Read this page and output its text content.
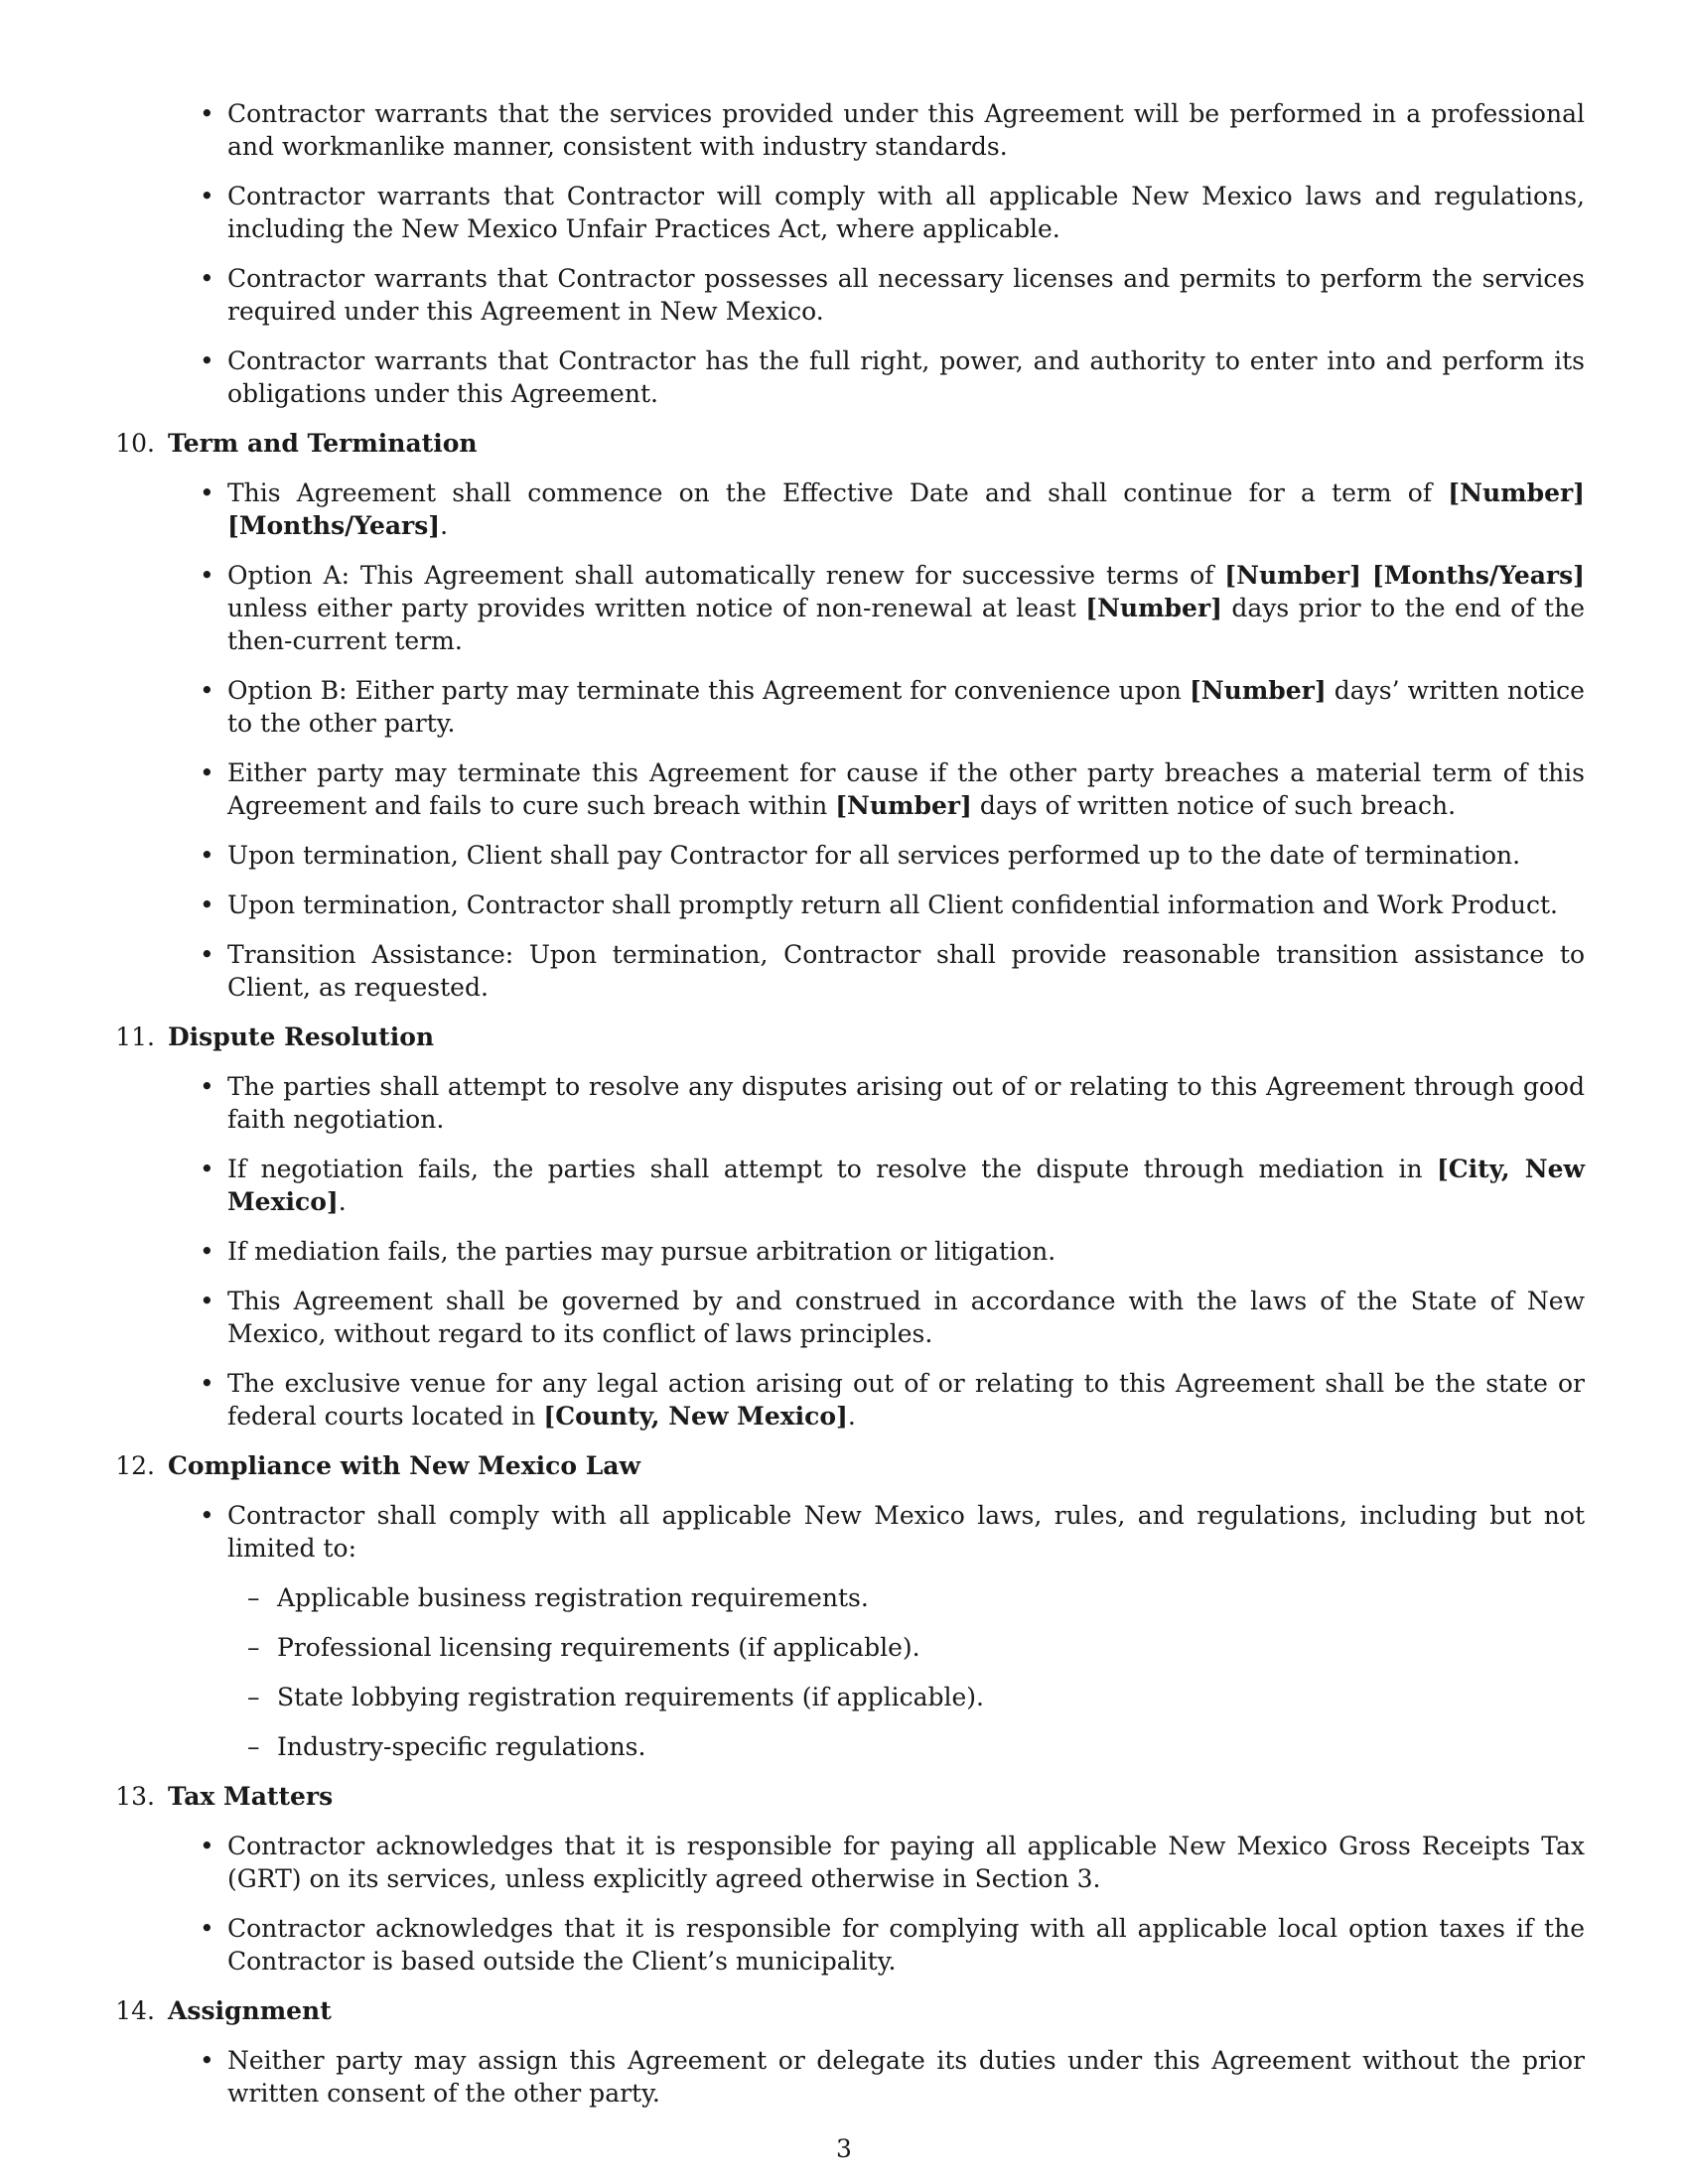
• Contractor warrants that the services provided under this Agreement will be performed in a professional and workmanlike manner, consistent with industry standards.
• Contractor warrants that Contractor will comply with all applicable New Mexico laws and regulations, including the New Mexico Unfair Practices Act, where applicable.
• Contractor warrants that Contractor possesses all necessary licenses and permits to perform the services required under this Agreement in New Mexico.
• Contractor warrants that Contractor has the full right, power, and authority to enter into and perform its obligations under this Agreement.
10. Term and Termination
• This Agreement shall commence on the Effective Date and shall continue for a term of [Number] [Months/Years].
• Option A: This Agreement shall automatically renew for successive terms of [Number] [Months/Years] unless either party provides written notice of non-renewal at least [Number] days prior to the end of the then-current term.
• Option B: Either party may terminate this Agreement for convenience upon [Number] days’ written notice to the other party.
• Either party may terminate this Agreement for cause if the other party breaches a material term of this Agreement and fails to cure such breach within [Number] days of written notice of such breach.
• Upon termination, Client shall pay Contractor for all services performed up to the date of termination.
• Upon termination, Contractor shall promptly return all Client confidential information and Work Product.
• Transition Assistance: Upon termination, Contractor shall provide reasonable transition assistance to Client, as requested.
11. Dispute Resolution
• The parties shall attempt to resolve any disputes arising out of or relating to this Agreement through good faith negotiation.
• If negotiation fails, the parties shall attempt to resolve the dispute through mediation in [City, New Mexico].
• If mediation fails, the parties may pursue arbitration or litigation.
• This Agreement shall be governed by and construed in accordance with the laws of the State of New Mexico, without regard to its conflict of laws principles.
• The exclusive venue for any legal action arising out of or relating to this Agreement shall be the state or federal courts located in [County, New Mexico].
12. Compliance with New Mexico Law
• Contractor shall comply with all applicable New Mexico laws, rules, and regulations, including but not limited to:
– Applicable business registration requirements.
– Professional licensing requirements (if applicable).
– State lobbying registration requirements (if applicable).
– Industry-specific regulations.
13. Tax Matters
• Contractor acknowledges that it is responsible for paying all applicable New Mexico Gross Receipts Tax (GRT) on its services, unless explicitly agreed otherwise in Section 3.
• Contractor acknowledges that it is responsible for complying with all applicable local option taxes if the Contractor is based outside the Client’s municipality.
14. Assignment
• Neither party may assign this Agreement or delegate its duties under this Agreement without the prior written consent of the other party.
3
